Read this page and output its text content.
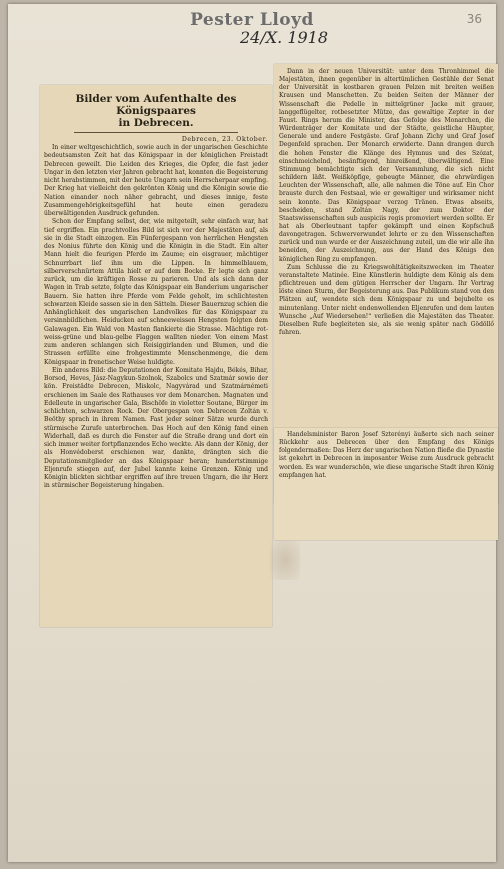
36
Pester Lloyd
24/X. 1918
Bilder vom Aufenthalte des Königspaares
in Debrecen.
Debrecen, 23. Oktober.

In einer weltgeschichtlich, sowie auch in der ungarischen Geschichte bedeutsamsten Zeit hat das Königspaar in der königlichen Freistadt Debrecen geweilt. Die Leiden des Krieges, die Opfer, die fast jeder Ungar in den letzten vier Jahren gebracht hat, konnten die Begeisterung nicht herabstimmen, mit der heute Ungarn sein Herrscherpaar empfing. Der Krieg hat vielleicht den gekrönten König und die Königin sowie die Nation einander noch näher gebracht, und dieses innige, feste Zusammengehörigkeitsgefühl hat heute einen geradezu überwältigenden Ausdruck gefunden.

Schon der Empfang selbst, der, wie mitgeteilt, sehr einfach war, hat tief ergriffen. Ein prachtvolles Bild ist sich vor der Majestäten auf, als sie in die Stadt einzogen. Ein Fünfergespann von herrlichen Hengsten des Nonius führte den König und die Königin in die Stadt. Ein alter Mann hielt die feurigen Pferde im Zaume; ein eisgrauer, mächtiger Schnurrbart lief ihm um die Lippen. In himmelblauem, silberverschnürtem Attila hielt er auf dem Bocke. Er legte sich ganz zurück, um die kräftigen Rosse zu parieren. Und als sich dann der Wagen in Trab setzte, folgte das Königspaar ein Banderium ungarischer Bauern. Sie hatten ihre Pferde vom Felde geholt, im schlichtesten schwarzen Kleide sassen sie in den Sätteln. Dieser Bauernzug schien die Anhänglichkeit des ungarischen Landvolkes für das Königspaar zu versinnbildlichen. Heiducken auf schneeweissen Hengsten folgten dem Galawagen. Ein Wald von Masten flankierte die Strasse. Mächtige rot-weiss-grüne und blau-gelbe Flaggen wallten nieder. Von einem Mast zum anderen schlangen sich Reisiggirlanden und Blumen, und die Strassen erfüllte eine frohgestimmte Menschenmenge, die dem Königspaar in frenetischer Weise huldigte.

Ein anderes Bild: die Deputationen der Komitate Hajdu, Békés, Bihar, Borsod, Heves, Jász-Nagykun-Szolnok, Szabolcs und Szatmár sowie der kön. Freistädte Debrecen, Miskolc, Nagyvárad und Szatmárnémeti erschienen im Saale des Rathauses vor dem Monarchen. Magnaten und Edelleute in ungarischer Gala, Bischöfe in violetter Soutane, Bürger im schlichten, schwarzen Rock. Der Obergespan von Debrecen Zoltán v. Beöthy sprach in ihrem Namen. Fast jeder seiner Sätze wurde durch stürmische Zurufe unterbrochen. Das Hoch auf den König fand einen Widerhall, daß es durch die Fenster auf die Straße drang und dort ein sich immer weiter fortpflanzendes Echo weckte. Als dann der König, der als Honvédoberst erschienen war, dankte, drängten sich die Deputationsmitglieder an das Königspaar heran; hundertstimmige Eljenrufe stiegen auf, der Jubel kannte keine Grenzen. König und Königin blickten sichtbar ergriffen auf ihre treuen Ungarn, die ihr Herz in stürmischer Begeisterung hingaben.

Dann in der neuen Universität: unter dem Thronhimmel die Majestäten, ihnen gegenüber in altertümlichen Gestühle der Senat der Universität in kostbaren grauen Pelzen mit breiten weißen Krausen und Manschetten. Zu beiden Seiten der Männer der Wissenschaft die Pedelle in mittelgrüner Jacke mit grauer, langgeflügelter, rotbesetzter Mütze, das gewaltige Zepter in der Faust. Rings herum die Minister, das Gefolge des Monarchen, die Würdenträger der Komitate und der Städte, geistliche Häupter, Generale und andere Festgäste. Graf Johann Zichy und Graf Josef Degenfeld sprachen. Der Monarch erwiderte. Dann drangen durch die hohen Fenster die Klänge des Hymnus und des Szózat, einschmeichelnd, besänftigend, hinreißend, überwältigend. Eine Stimmung bemächtigte sich der Versammlung, die sich nicht schildern läßt. Weißköpfige, gebeugte Männer, die ehrwürdigen Leuchten der Wissenschaft, alle, alle nahmen die Töne auf. Ein Chor brauste durch den Festsaal, wie er gewaltiger und wirksamer nicht sein konnte. Das Königspaar verzog Tränen. Etwas abseits, bescheiden, stand Zoltán Nagy, der zum Doktor der Staatswissenschaften sub auspiciis regis promoviert werden sollte. Er hat als Oberleutnant tapfer gekämpft und einen Kopfschuß davongetragen. Schwerverwundet lehrte er zu den Wissenschaften zurück und nun wurde er der Auszeichnung zuteil, um die wir alle ihn beneiden, der Auszeichnung, aus der Hand des Königs den königlichen Ring zu empfangen.

Zum Schlusse die zu Kriegswohltätigkeitszwecken im Theater veranstaltete Matinée. Eine Künstlerin huldigte dem König als dem pflichtreuen und dem gütigen Herrscher der Ungarn. Ihr Vortrag löste einen Sturm, der Begeisterung aus. Das Publikum stand von den Plätzen auf, wendete sich dem Königspaar zu und bejubelte es minutenlang. Unter nicht endenwollenden Eljenrufen und dem lauten Wunsche „Auf Wiedersehen!“ verließen die Majestäten das Theater. Dieselben Rufe begleiteten sie, als sie wenig später nach Gödöllő fuhren.

Handelsminister Baron Josef Szterényi äußerte sich nach seiner Rückkehr aus Debrecen über den Empfang des Königs folgendermaßen: Das Herz der ungarischen Nation fließe die Dynastie ist gekehrt in Debrecen in imposanter Weise zum Ausdruck gebracht worden. Es war wunderschön, wie diese ungarische Stadt ihren König empfangen hat.
